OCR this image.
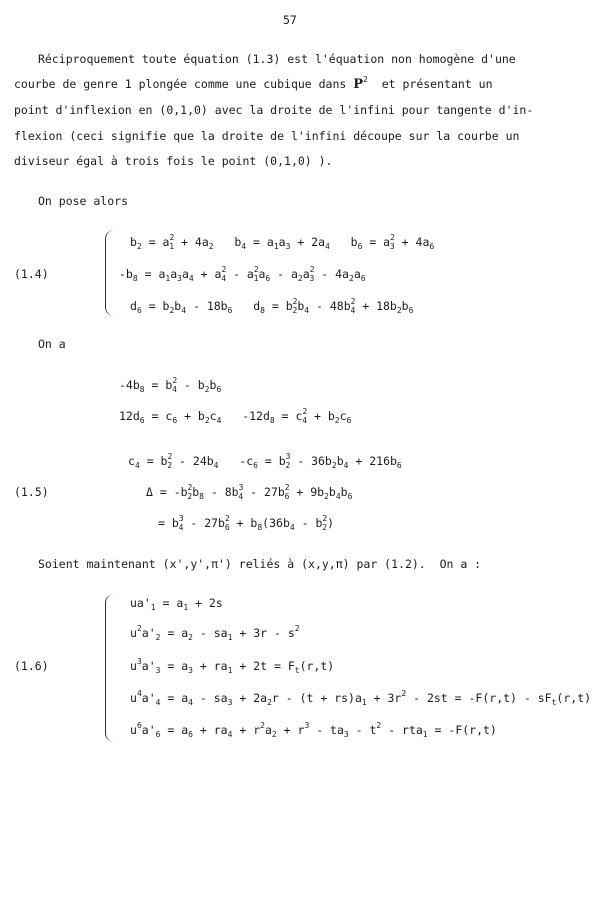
57
Réciproquement toute équation (1.3) est l'équation non homogène d'une
courbe de genre 1 plongée comme une cubique dans $P^2$  et présentant un
point d'inflexion en (0,1,0) avec la droite de l'infini pour tangente d'in-
flexion (ceci signifie que la droite de l'infini découpe sur la courbe un
diviseur égal à trois fois le point (0,1,0) ).
On pose alors
(1.4)
$b_2 = a^2_1 + 4a_2$   $b_4 = a_1a_3 + 2a_4$   $b_6 = a^2_3 + 4a_6$
$-b_8 = a_1a_3a_4 + a^2_4 - a^2_1a_6 - a_2a^2_3 - 4a_2a_6$
$d_6 = b_2b_4 - 18b_6$   $d_8 = b^2_2b_4 - 48b^2_4 + 18b_2b_6$
On a
$-4b_8 = b^2_4 - b_2b_6$
$12d_6 = c_6 + b_2c_4$   $-12d_8 = c^2_4 + b_2c_6$
(1.5)
$c_4 = b^2_2 - 24b_4$   $-c_6 = b^3_2 - 36b_2b_4 + 216b_6$
$\Delta = -b^2_2b_8 - 8b^3_4 - 27b^2_6 + 9b_2b_4b_6$
= $b^3_4 - 27b^2_6 + b_8(36b_4 - b^2_2)$
Soient maintenant (x',y',π') reliés à (x,y,π) par (1.2).  On a :
(1.6)
$ua'_1 = a_1 + 2s$
$u^2a'_2 = a_2 - sa_1 + 3r - s^2$
$u^3a'_3 = a_3 + ra_1 + 2t = F_t(r,t)$
$u^4a'_4 = a_4 - sa_3 + 2a_2r - (t + rs)a_1 + 3r^2 - 2st = -F(r,t) - sF_t(r,t)$
$u^6a'_6 = a_6 + ra_4 + r^2a_2 + r^3 - ta_3 - t^2 - rta_1 = -F(r,t)$
